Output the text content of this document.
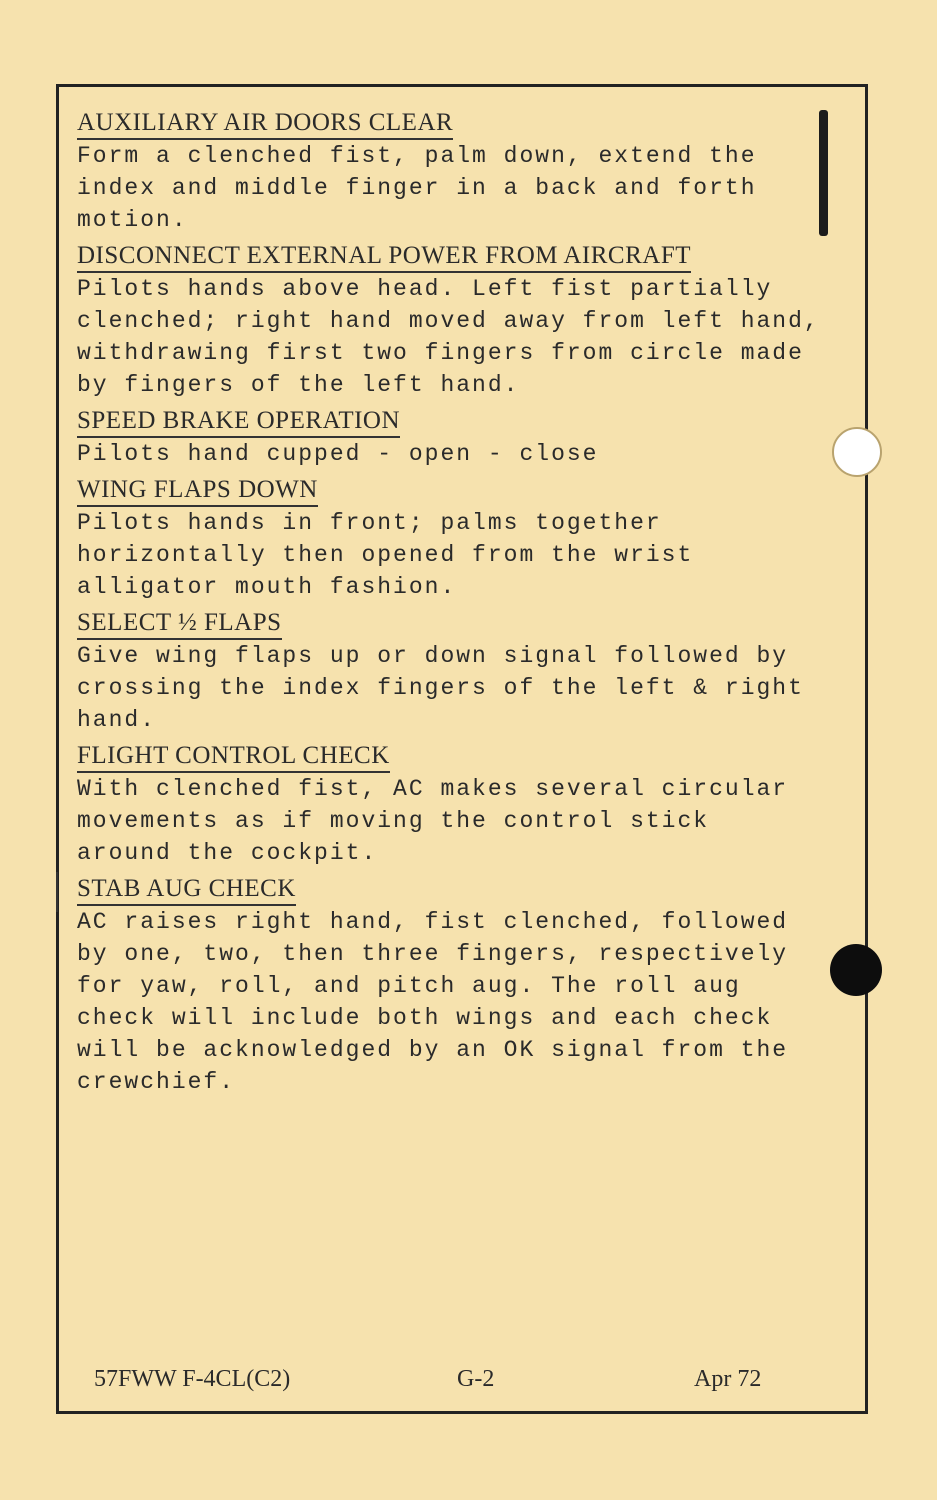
AUXILIARY AIR DOORS CLEAR
Form a clenched fist, palm down, extend the
index and middle finger in a back and forth
motion.
DISCONNECT EXTERNAL POWER FROM AIRCRAFT
Pilots hands above head. Left fist partially
clenched; right hand moved away from left hand,
withdrawing first two fingers from circle made
by fingers of the left hand.
SPEED BRAKE OPERATION
Pilots hand cupped - open - close
WING FLAPS DOWN
Pilots hands in front; palms together
horizontally then opened from the wrist
alligator mouth fashion.
SELECT ½ FLAPS
Give wing flaps up or down signal followed by
crossing the index fingers of the left & right
hand.
FLIGHT CONTROL CHECK
With clenched fist, AC makes several circular
movements as if moving the control stick
around the cockpit.
STAB AUG CHECK
AC raises right hand, fist clenched, followed
by one, two, then three fingers, respectively
for yaw, roll, and pitch aug. The roll aug
check will include both wings and each check
will be acknowledged by an OK signal from the
crewchief.
57FWW F-4CL(C2)	G-2	Apr 72
